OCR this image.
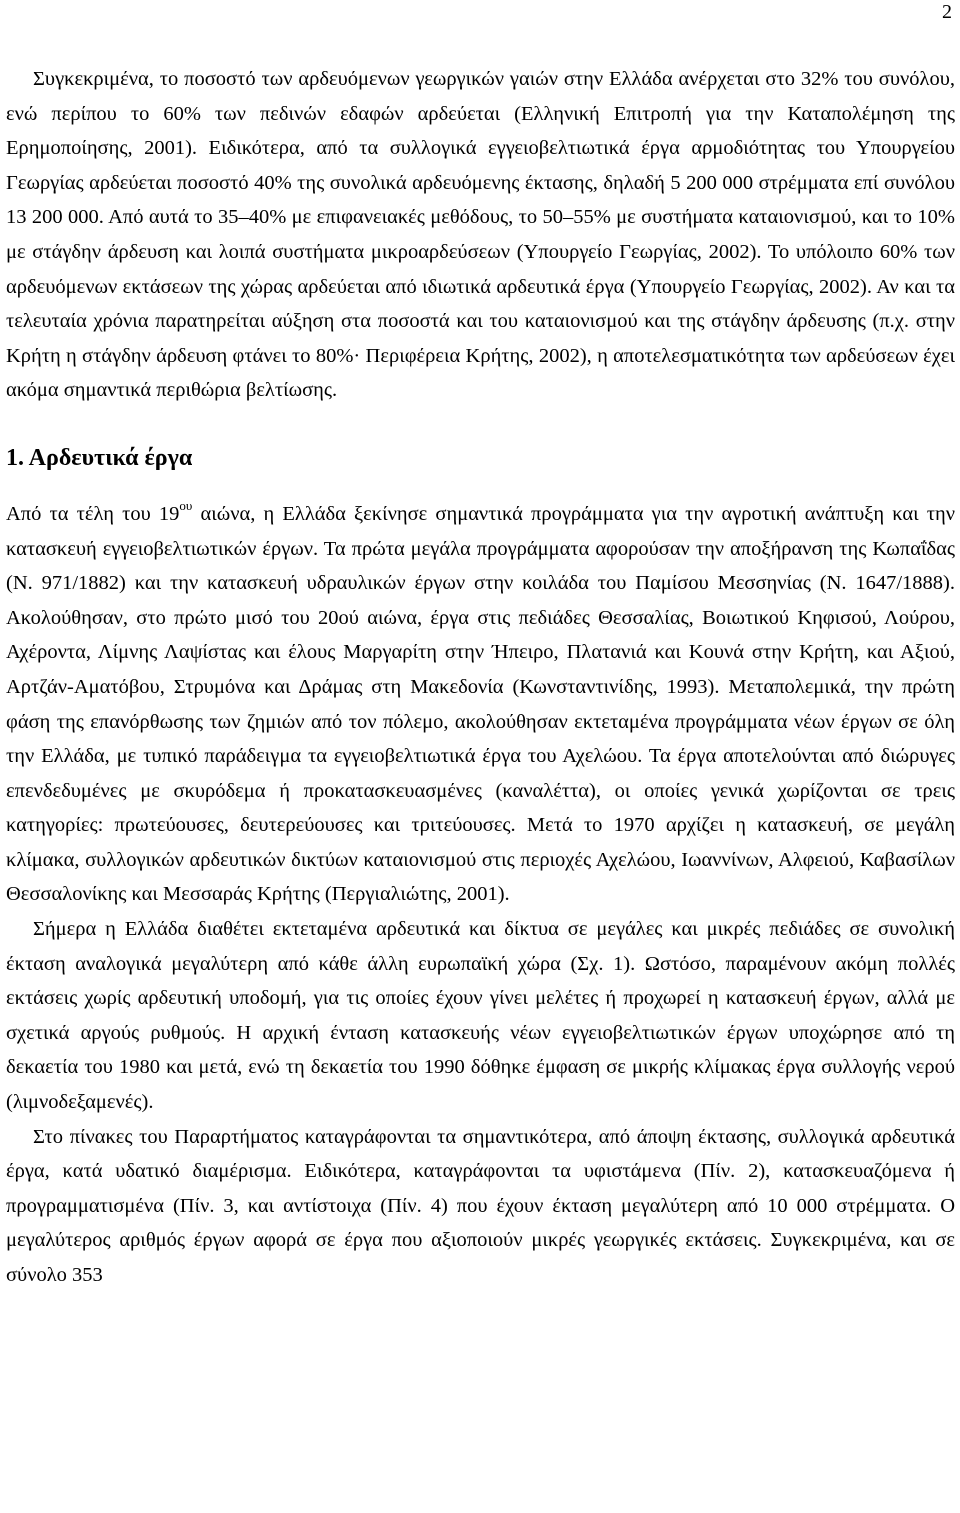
2

Συγκεκριμένα, το ποσοστό των αρδευόμενων γεωργικών γαιών στην Ελλάδα ανέρχεται στο 32% του συνόλου, ενώ περίπου το 60% των πεδινών εδαφών αρδεύεται (Ελληνική Επιτροπή για την Καταπολέμηση της Ερημοποίησης, 2001). Ειδικότερα, από τα συλλογικά εγγειοβελτιωτικά έργα αρμοδιότητας του Υπουργείου Γεωργίας αρδεύεται ποσοστό 40% της συνολικά αρδευόμενης έκτασης, δηλαδή 5 200 000 στρέμματα επί συνόλου 13 200 000. Από αυτά το 35–40% με επιφανειακές μεθόδους, το 50–55% με συστήματα καταιονισμού, και το 10% με στάγδην άρδευση και λοιπά συστήματα μικροαρδεύσεων (Υπουργείο Γεωργίας, 2002). Το υπόλοιπο 60% των αρδευόμενων εκτάσεων της χώρας αρδεύεται από ιδιωτικά αρδευτικά έργα (Υπουργείο Γεωργίας, 2002). Αν και τα τελευταία χρόνια παρατηρείται αύξηση στα ποσοστά και του καταιονισμού και της στάγδην άρδευσης (π.χ. στην Κρήτη η στάγδην άρδευση φτάνει το 80%· Περιφέρεια Κρήτης, 2002), η αποτελεσματικότητα των αρδεύσεων έχει ακόμα σημαντικά περιθώρια βελτίωσης.

1. Αρδευτικά έργα

Από τα τέλη του $19^{o\upsilon}$ αιώνα, η Ελλάδα ξεκίνησε σημαντικά προγράμματα για την αγροτική ανάπτυξη και την κατασκευή εγγειοβελτιωτικών έργων. Τα πρώτα μεγάλα προγράμματα αφορούσαν την αποξήρανση της Κωπαΐδας (Ν. 971/1882) και την κατασκευή υδραυλικών έργων στην κοιλάδα του Παμίσου Μεσσηνίας (Ν. 1647/1888). Ακολούθησαν, στο πρώτο μισό του 20ού αιώνα, έργα στις πεδιάδες Θεσσαλίας, Βοιωτικού Κηφισού, Λούρου, Αχέροντα, Λίμνης Λαψίστας και έλους Μαργαρίτη στην Ήπειρο, Πλατανιά και Κουνά στην Κρήτη, και Αξιού, Αρτζάν-Αματόβου, Στρυμόνα και Δράμας στη Μακεδονία (Κωνσταντινίδης, 1993). Μεταπολεμικά, την πρώτη φάση της επανόρθωσης των ζημιών από τον πόλεμο, ακολούθησαν εκτεταμένα προγράμματα νέων έργων σε όλη την Ελλάδα, με τυπικό παράδειγμα τα εγγειοβελτιωτικά έργα του Αχελώου. Τα έργα αποτελούνται από διώρυγες επενδεδυμένες με σκυρόδεμα ή προκατασκευασμένες (καναλέττα), οι οποίες γενικά χωρίζονται σε τρεις κατηγορίες: πρωτεύουσες, δευτερεύουσες και τριτεύουσες. Μετά το 1970 αρχίζει η κατασκευή, σε μεγάλη κλίμακα, συλλογικών αρδευτικών δικτύων καταιονισμού στις περιοχές Αχελώου, Ιωαννίνων, Αλφειού, Καβασίλων Θεσσαλονίκης και Μεσσαράς Κρήτης (Περγιαλιώτης, 2001).

Σήμερα η Ελλάδα διαθέτει εκτεταμένα αρδευτικά και δίκτυα σε μεγάλες και μικρές πεδιάδες σε συνολική έκταση αναλογικά μεγαλύτερη από κάθε άλλη ευρωπαϊκή χώρα (Σχ. 1). Ωστόσο, παραμένουν ακόμη πολλές εκτάσεις χωρίς αρδευτική υποδομή, για τις οποίες έχουν γίνει μελέτες ή προχωρεί η κατασκευή έργων, αλλά με σχετικά αργούς ρυθμούς. Η αρχική ένταση κατασκευής νέων εγγειοβελτιωτικών έργων υποχώρησε από τη δεκαετία του 1980 και μετά, ενώ τη δεκαετία του 1990 δόθηκε έμφαση σε μικρής κλίμακας έργα συλλογής νερού (λιμνοδεξαμενές).

Στο πίνακες του Παραρτήματος καταγράφονται τα σημαντικότερα, από άποψη έκτασης, συλλογικά αρδευτικά έργα, κατά υδατικό διαμέρισμα. Ειδικότερα, καταγράφονται τα υφιστάμενα (Πίν. 2), κατασκευαζόμενα ή προγραμματισμένα (Πίν. 3, και αντίστοιχα (Πίν. 4) που έχουν έκταση μεγαλύτερη από 10 000 στρέμματα. Ο μεγαλύτερος αριθμός έργων αφορά σε έργα που αξιοποιούν μικρές γεωργικές εκτάσεις. Συγκεκριμένα, και σε σύνολο 353
